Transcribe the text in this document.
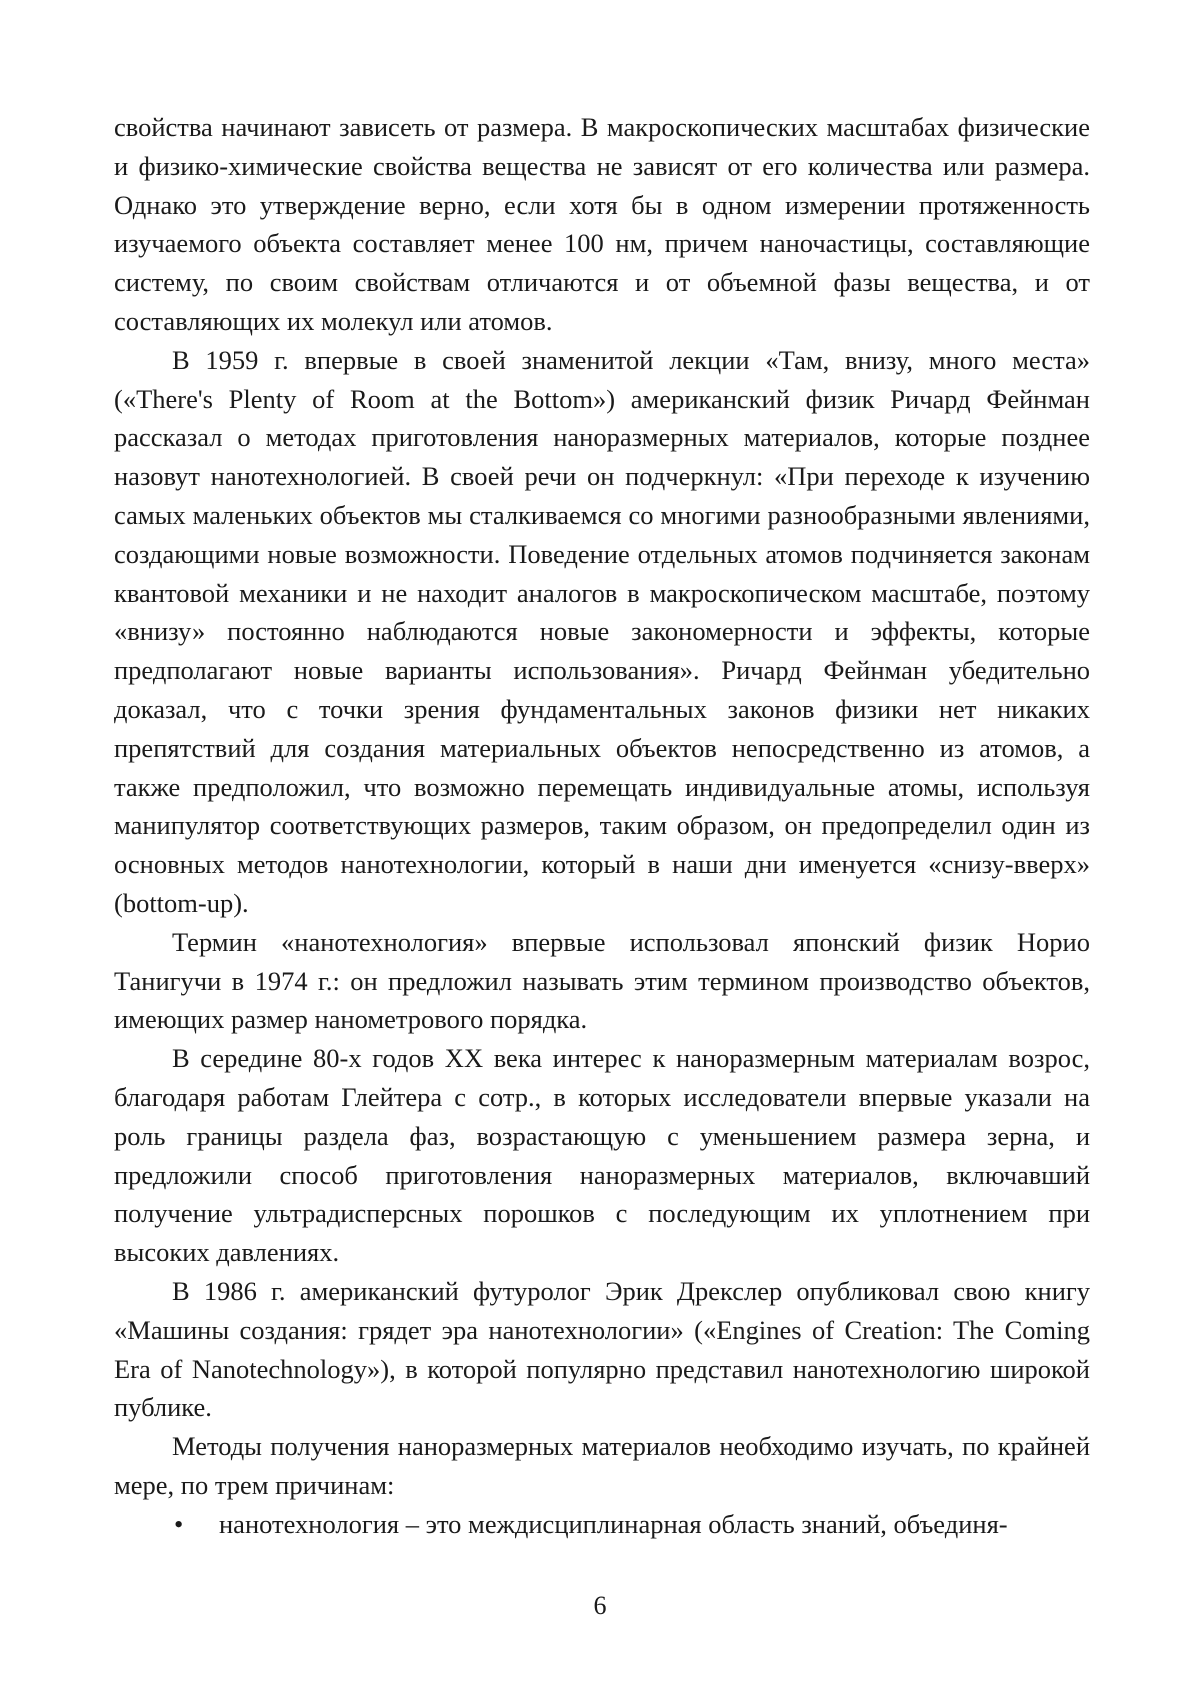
свойства начинают зависеть от размера. В макроскопических масштабах физические и физико-химические свойства вещества не зависят от его количества или размера. Однако это утверждение верно, если хотя бы в одном измерении протяженность изучаемого объекта составляет менее 100 нм, причем наночастицы, составляющие систему, по своим свойствам отличаются и от объемной фазы вещества, и от составляющих их молекул или атомов.

В 1959 г. впервые в своей знаменитой лекции «Там, внизу, много места» («There's Plenty of Room at the Bottom») американский физик Ричард Фейнман рассказал о методах приготовления наноразмерных материалов, которые позднее назовут нанотехнологией. В своей речи он подчеркнул: «При переходе к изучению самых маленьких объектов мы сталкиваемся со многими разнообразными явлениями, создающими новые возможности. Поведение отдельных атомов подчиняется законам квантовой механики и не находит аналогов в макроскопическом масштабе, поэтому «внизу» постоянно наблюдаются новые закономерности и эффекты, которые предполагают новые варианты использования». Ричард Фейнман убедительно доказал, что с точки зрения фундаментальных законов физики нет никаких препятствий для создания материальных объектов непосредственно из атомов, а также предположил, что возможно перемещать индивидуальные атомы, используя манипулятор соответствующих размеров, таким образом, он предопределил один из основных методов нанотехнологии, который в наши дни именуется «снизу-вверх» (bottom-up).

Термин «нанотехнология» впервые использовал японский физик Норио Танигучи в 1974 г.: он предложил называть этим термином производство объектов, имеющих размер нанометрового порядка.

В середине 80-х годов XX века интерес к наноразмерным материалам возрос, благодаря работам Глейтера с сотр., в которых исследователи впервые указали на роль границы раздела фаз, возрастающую с уменьшением размера зерна, и предложили способ приготовления наноразмерных материалов, включавший получение ультрадисперсных порошков с последующим их уплотнением при высоких давлениях.

В 1986 г. американский футуролог Эрик Дрекслер опубликовал свою книгу «Машины создания: грядет эра нанотехнологии» («Engines of Creation: The Coming Era of Nanotechnology»), в которой популярно представил нанотехнологию широкой публике.

Методы получения наноразмерных материалов необходимо изучать, по крайней мере, по трем причинам:

• нанотехнология – это междисциплинарная область знаний, объединя-
6
